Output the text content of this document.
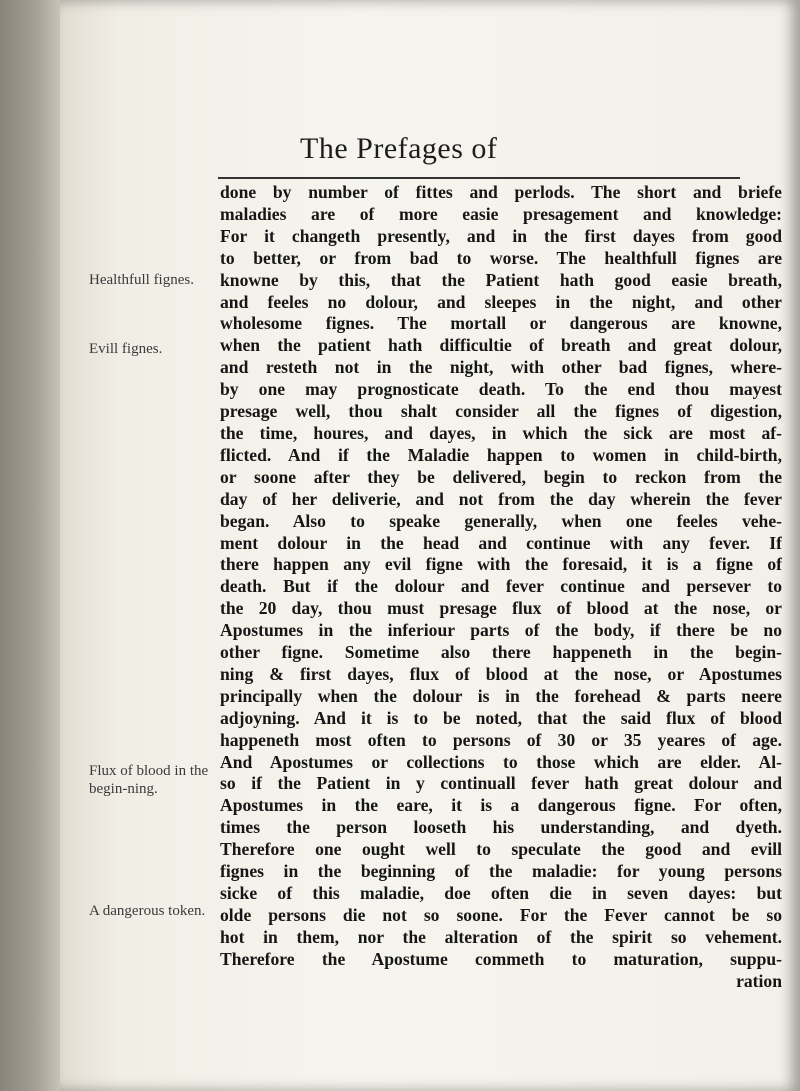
The Prefages of
Healthfull fignes.
Evill fignes.
Flux of blood in the begin-ning.
A dangerous token.
done by number of fittes and perlods. The short and briefe
maladies are of more easie presagement and knowledge:
For it changeth presently, and in the first dayes from good
to better, or from bad to worse. The healthfull fignes are
knowne by this, that the Patient hath good easie breath,
and feeles no dolour, and sleepes in the night, and other
wholesome fignes. The mortall or dangerous are knowne,
when the patient hath difficultie of breath and great dolour,
and resteth not in the night, with other bad fignes, where-
by one may prognosticate death. To the end thou mayest
presage well, thou shalt consider all the fignes of digestion,
the time, houres, and dayes, in which the sick are most af-
flicted. And if the Maladie happen to women in child-birth,
or soone after they be delivered, begin to reckon from the
day of her deliverie, and not from the day wherein the fever
began. Also to speake generally, when one feeles vehe-
ment dolour in the head and continue with any fever. If
there happen any evil figne with the foresaid, it is a figne of
death. But if the dolour and fever continue and persever to
the 20 day, thou must presage flux of blood at the nose, or
Apostumes in the inferiour parts of the body, if there be no
other figne. Sometime also there happeneth in the begin-
ning & first dayes, flux of blood at the nose, or Apostumes
principally when the dolour is in the forehead & parts neere
adjoyning. And it is to be noted, that the said flux of blood
happeneth most often to persons of 30 or 35 yeares of age.
And Apostumes or collections to those which are elder. Al-
so if the Patient in y continuall fever hath great dolour and
Apostumes in the eare, it is a dangerous figne. For often,
times the person looseth his understanding, and dyeth.
Therefore one ought well to speculate the good and evill
fignes in the beginning of the maladie: for young persons
sicke of this maladie, doe often die in seven dayes: but
olde persons die not so soone. For the Fever cannot be so
hot in them, nor the alteration of the spirit so vehement.
Therefore the Apostume commeth to maturation, suppu-
ration
